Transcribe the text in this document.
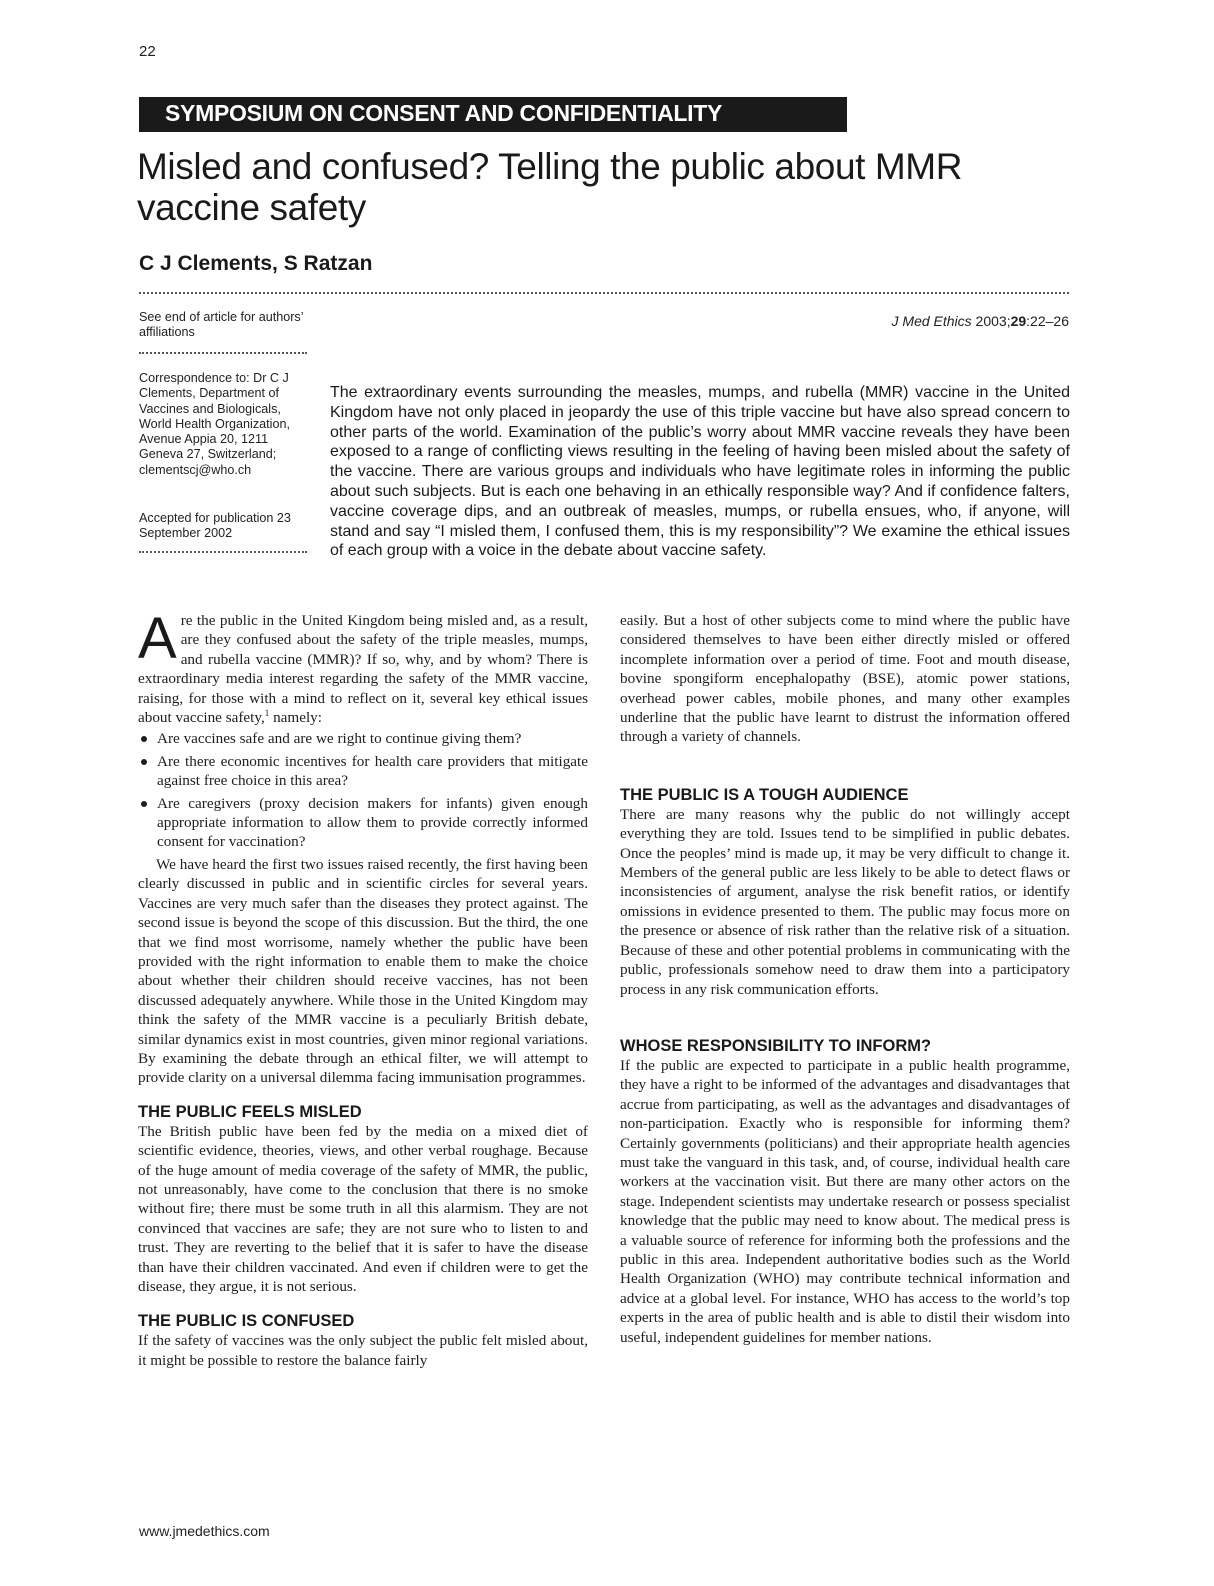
22
SYMPOSIUM ON CONSENT AND CONFIDENTIALITY
Misled and confused? Telling the public about MMR vaccine safety
C J Clements, S Ratzan
See end of article for authors’ affiliations
Correspondence to: Dr C J Clements, Department of Vaccines and Biologicals, World Health Organization, Avenue Appia 20, 1211 Geneva 27, Switzerland; clementscj@who.ch
Accepted for publication 23 September 2002
J Med Ethics 2003;29:22–26
The extraordinary events surrounding the measles, mumps, and rubella (MMR) vaccine in the United Kingdom have not only placed in jeopardy the use of this triple vaccine but have also spread concern to other parts of the world. Examination of the public’s worry about MMR vaccine reveals they have been exposed to a range of conflicting views resulting in the feeling of having been misled about the safety of the vaccine. There are various groups and individuals who have legitimate roles in informing the public about such subjects. But is each one behaving in an ethically responsible way? And if confidence falters, vaccine coverage dips, and an outbreak of measles, mumps, or rubella ensues, who, if anyone, will stand and say “I misled them, I confused them, this is my responsibility”? We examine the ethical issues of each group with a voice in the debate about vaccine safety.

Are the public in the United Kingdom being misled and, as a result, are they confused about the safety of the triple measles, mumps, and rubella vaccine (MMR)? If so, why, and by whom? There is extraordinary media interest regarding the safety of the MMR vaccine, raising, for those with a mind to reflect on it, several key ethical issues about vaccine safety,$^1$ namely:

Are vaccines safe and are we right to continue giving them?
Are there economic incentives for health care providers that mitigate against free choice in this area?
Are caregivers (proxy decision makers for infants) given enough appropriate information to allow them to provide correctly informed consent for vaccination?

We have heard the first two issues raised recently, the first having been clearly discussed in public and in scientific circles for several years. Vaccines are very much safer than the diseases they protect against. The second issue is beyond the scope of this discussion. But the third, the one that we find most worrisome, namely whether the public have been provided with the right information to enable them to make the choice about whether their children should receive vaccines, has not been discussed adequately anywhere. While those in the United Kingdom may think the safety of the MMR vaccine is a peculiarly British debate, similar dynamics exist in most countries, given minor regional variations. By examining the debate through an ethical filter, we will attempt to provide clarity on a universal dilemma facing immunisation programmes.

THE PUBLIC FEELS MISLED

The British public have been fed by the media on a mixed diet of scientific evidence, theories, views, and other verbal roughage. Because of the huge amount of media coverage of the safety of MMR, the public, not unreasonably, have come to the conclusion that there is no smoke without fire; there must be some truth in all this alarmism. They are not convinced that vaccines are safe; they are not sure who to listen to and trust. They are reverting to the belief that it is safer to have the disease than have their children vaccinated. And even if children were to get the disease, they argue, it is not serious.

THE PUBLIC IS CONFUSED

If the safety of vaccines was the only subject the public felt misled about, it might be possible to restore the balance fairly

easily. But a host of other subjects come to mind where the public have considered themselves to have been either directly misled or offered incomplete information over a period of time. Foot and mouth disease, bovine spongiform encephalopathy (BSE), atomic power stations, overhead power cables, mobile phones, and many other examples underline that the public have learnt to distrust the information offered through a variety of channels.

THE PUBLIC IS A TOUGH AUDIENCE

There are many reasons why the public do not willingly accept everything they are told. Issues tend to be simplified in public debates. Once the peoples’ mind is made up, it may be very difficult to change it. Members of the general public are less likely to be able to detect flaws or inconsistencies of argument, analyse the risk benefit ratios, or identify omissions in evidence presented to them. The public may focus more on the presence or absence of risk rather than the relative risk of a situation. Because of these and other potential problems in communicating with the public, professionals somehow need to draw them into a participatory process in any risk communication efforts.

WHOSE RESPONSIBILITY TO INFORM?

If the public are expected to participate in a public health programme, they have a right to be informed of the advantages and disadvantages that accrue from participating, as well as the advantages and disadvantages of non-participation. Exactly who is responsible for informing them? Certainly governments (politicians) and their appropriate health agencies must take the vanguard in this task, and, of course, individual health care workers at the vaccination visit. But there are many other actors on the stage. Independent scientists may undertake research or possess specialist knowledge that the public may need to know about. The medical press is a valuable source of reference for informing both the professions and the public in this area. Independent authoritative bodies such as the World Health Organization (WHO) may contribute technical information and advice at a global level. For instance, WHO has access to the world’s top experts in the area of public health and is able to distil their wisdom into useful, independent guidelines for member nations.

www.jmedethics.com
